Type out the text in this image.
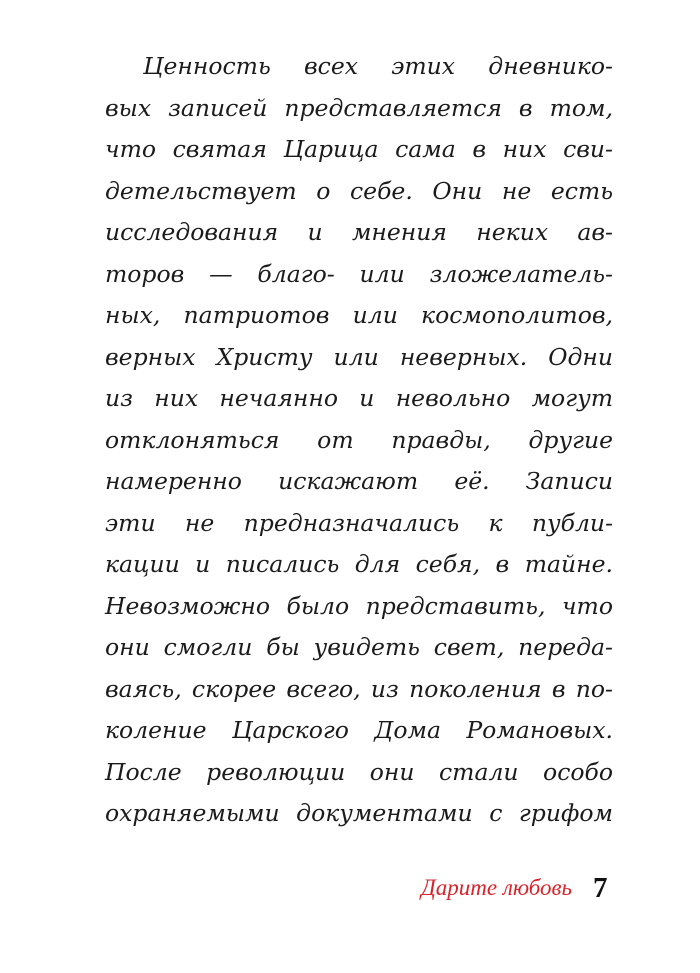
Ценность всех этих дневнико-
вых записей представляется в том,
что святая Царица сама в них сви-
детельствует о себе. Они не есть
исследования и мнения неких ав-
торов — благо- или зложелатель-
ных, патриотов или космополитов,
верных Христу или неверных. Одни
из них нечаянно и невольно могут
отклоняться от правды, другие
намеренно искажают её. Записи
эти не предназначались к публи-
кации и писались для себя, в тайне.
Невозможно было представить, что
они смогли бы увидеть свет, переда-
ваясь, скорее всего, из поколения в по-
коление Царского Дома Романовых.
После революции они стали особо
охраняемыми документами с грифом
Дарите любовь 7
